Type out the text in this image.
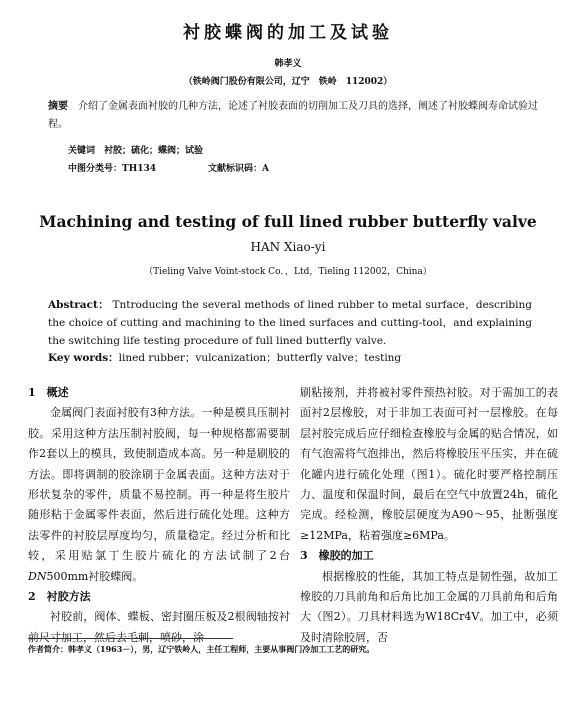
衬胶蝶阀的加工及试验
韩孝义
（铁岭阀门股份有限公司，辽宁　铁岭　112002）
摘要　 介绍了金属表面衬胶的几种方法，论述了衬胶表面的切削加工及刀具的选择，阐述了衬胶蝶阀寿命试验过程。
关键词　衬胶；硫化；蝶阀；试验
中图分类号：TH134	文献标识码：A
Machining and testing of full lined rubber butterfly valve
HAN Xiao-yi
（Tieling Valve Voint-stock Co．，Ltd，Tieling 112002，China）
Abstract： Tntroducing the several methods of lined rubber to metal surface，describing the choice of cutting and machining to the lined surfaces and cutting-tool，and explaining the switching life testing procedure of full lined butterfly valve.
Key words：lined rubber；vulcanization；butterfly valve；testing

1　概述

金属阀门表面衬胶有3种方法。一种是模具压制衬胶。采用这种方法压制衬胶阀，每一种规格都需要制作2套以上的模具，致使制造成本高。另一种是刷胶的方法。即将调制的胶涂刷于金属表面。这种方法对于形状复杂的零件，质量不易控制。再一种是将生胶片随形粘于金属零件表面，然后进行硫化处理。这种方法零件的衬胶层厚度均匀，质量稳定。经过分析和比较，采用贴氯丁生胶片硫化的方法试制了2台DN500mm衬胶蝶阀。

2　衬胶方法

衬胶前，阀体、蝶板、密封圈压板及2根阀轴按衬前尺寸加工，然后去毛刺，喷砂，涂

刷粘接剂，并将被衬零件预热衬胶。对于需加工的表面衬2层橡胶，对于非加工表面可衬一层橡胶。在每层衬胶完成后应仔细检查橡胶与金属的贴合情况，如有气泡需将气泡排出，然后将橡胶压平压实，并在硫化罐内进行硫化处理（图1）。硫化时要严格控制压力、温度和保温时间，最后在空气中放置24h，硫化完成。经检测，橡胶层硬度为A90～95，扯断强度≥12MPa，粘着强度≥6MPa。

3　橡胶的加工

根据橡胶的性能，其加工特点是韧性强，故加工橡胶的刀具前角和后角比加工金属的刀具前角和后角大（图2）。刀具材料选为W18Cr4V。加工中，必须及时清除胶屑，否

作者简介：韩孝义（1963－），男，辽宁铁岭人，主任工程师，主要从事阀门冷加工工艺的研究。
